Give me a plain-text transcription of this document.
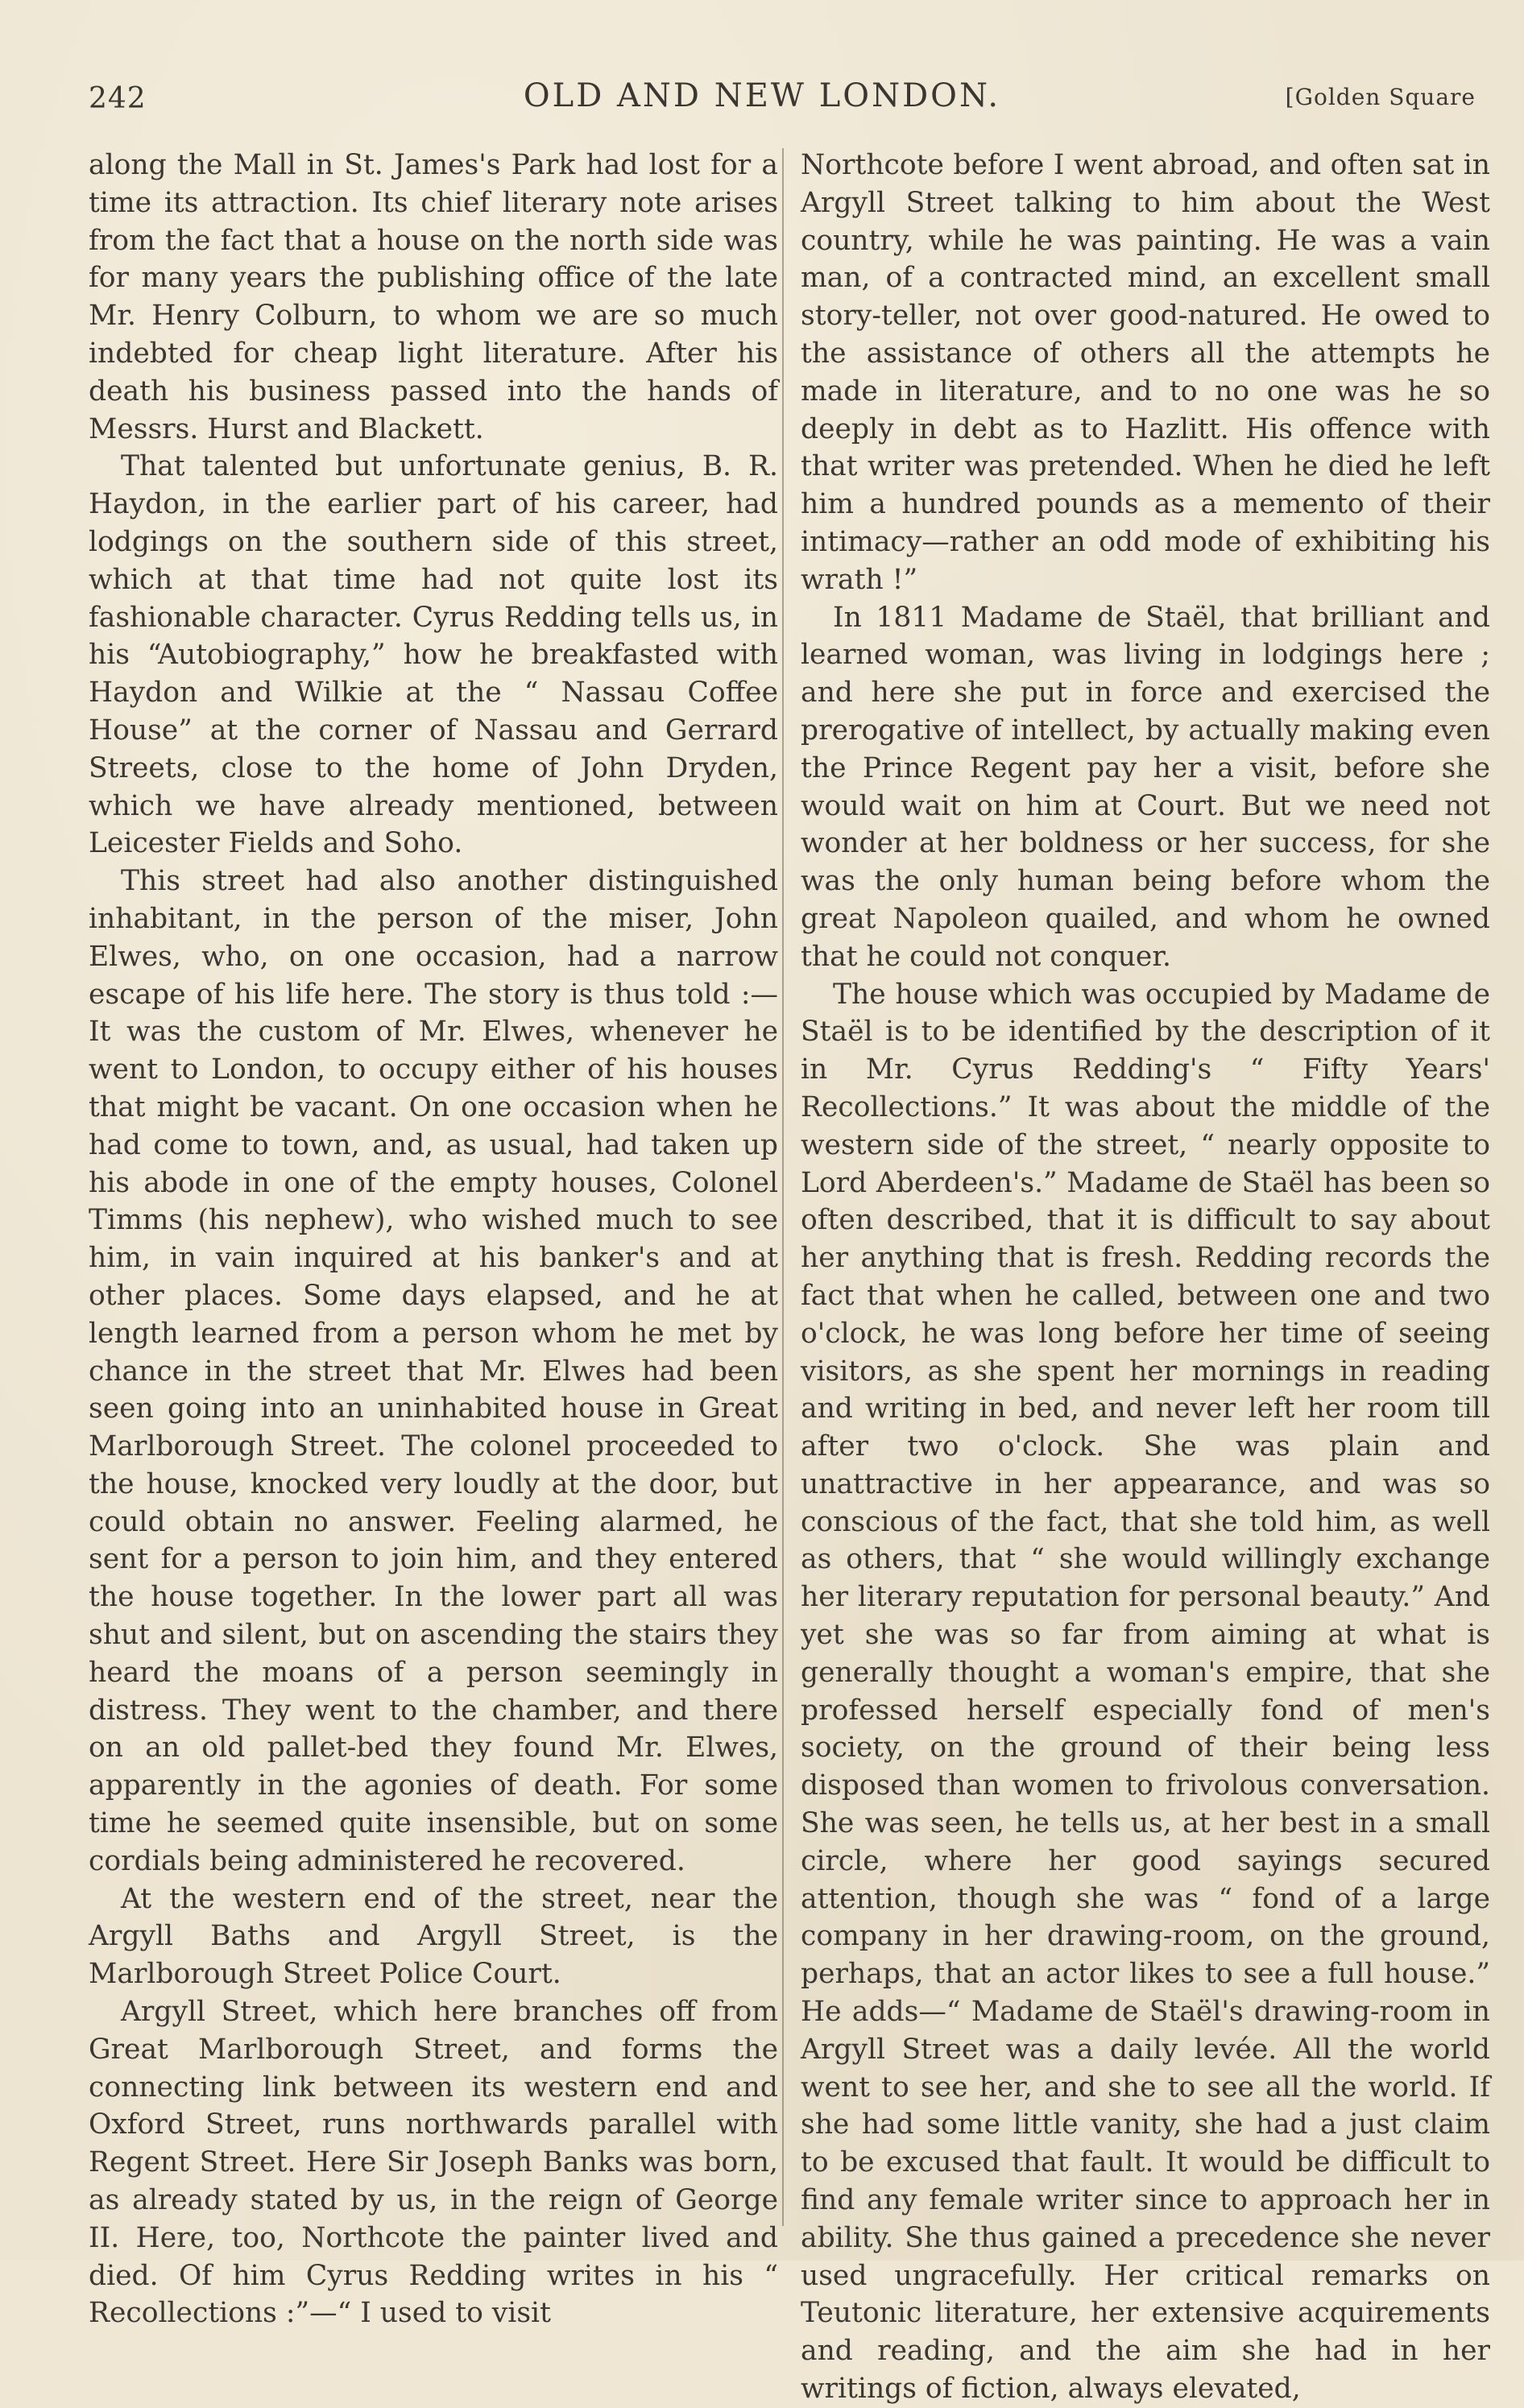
242	OLD AND NEW LONDON.	[Golden Square

along the Mall in St. James's Park had lost for a time its attraction. Its chief literary note arises from the fact that a house on the north side was for many years the publishing office of the late Mr. Henry Colburn, to whom we are so much indebted for cheap light literature. After his death his business passed into the hands of Messrs. Hurst and Blackett.

That talented but unfortunate genius, B. R. Haydon, in the earlier part of his career, had lodgings on the southern side of this street, which at that time had not quite lost its fashionable character. Cyrus Redding tells us, in his “Autobiography,” how he breakfasted with Haydon and Wilkie at the “ Nassau Coffee House” at the corner of Nassau and Gerrard Streets, close to the home of John Dryden, which we have already mentioned, between Leicester Fields and Soho.

This street had also another distinguished inhabitant, in the person of the miser, John Elwes, who, on one occasion, had a narrow escape of his life here. The story is thus told :—It was the custom of Mr. Elwes, whenever he went to London, to occupy either of his houses that might be vacant. On one occasion when he had come to town, and, as usual, had taken up his abode in one of the empty houses, Colonel Timms (his nephew), who wished much to see him, in vain inquired at his banker's and at other places. Some days elapsed, and he at length learned from a person whom he met by chance in the street that Mr. Elwes had been seen going into an uninhabited house in Great Marlborough Street. The colonel proceeded to the house, knocked very loudly at the door, but could obtain no answer. Feeling alarmed, he sent for a person to join him, and they entered the house together. In the lower part all was shut and silent, but on ascending the stairs they heard the moans of a person seemingly in distress. They went to the chamber, and there on an old pallet-bed they found Mr. Elwes, apparently in the agonies of death. For some time he seemed quite insensible, but on some cordials being administered he recovered.

At the western end of the street, near the Argyll Baths and Argyll Street, is the Marlborough Street Police Court.

Argyll Street, which here branches off from Great Marlborough Street, and forms the connecting link between its western end and Oxford Street, runs northwards parallel with Regent Street. Here Sir Joseph Banks was born, as already stated by us, in the reign of George II. Here, too, Northcote the painter lived and died. Of him Cyrus Redding writes in his “ Recollections :”—“ I used to visit

Northcote before I went abroad, and often sat in Argyll Street talking to him about the West country, while he was painting. He was a vain man, of a contracted mind, an excellent small story-teller, not over good-natured. He owed to the assistance of others all the attempts he made in literature, and to no one was he so deeply in debt as to Hazlitt. His offence with that writer was pretended. When he died he left him a hundred pounds as a memento of their intimacy—rather an odd mode of exhibiting his wrath !”

In 1811 Madame de Staël, that brilliant and learned woman, was living in lodgings here ; and here she put in force and exercised the prerogative of intellect, by actually making even the Prince Regent pay her a visit, before she would wait on him at Court. But we need not wonder at her boldness or her success, for she was the only human being before whom the great Napoleon quailed, and whom he owned that he could not conquer.

The house which was occupied by Madame de Staël is to be identified by the description of it in Mr. Cyrus Redding's “ Fifty Years' Recollections.” It was about the middle of the western side of the street, “ nearly opposite to Lord Aberdeen's.” Madame de Staël has been so often described, that it is difficult to say about her anything that is fresh. Redding records the fact that when he called, between one and two o'clock, he was long before her time of seeing visitors, as she spent her mornings in reading and writing in bed, and never left her room till after two o'clock. She was plain and unattractive in her appearance, and was so conscious of the fact, that she told him, as well as others, that “ she would willingly exchange her literary reputation for personal beauty.” And yet she was so far from aiming at what is generally thought a woman's empire, that she professed herself especially fond of men's society, on the ground of their being less disposed than women to frivolous conversation. She was seen, he tells us, at her best in a small circle, where her good sayings secured attention, though she was “ fond of a large company in her drawing-room, on the ground, perhaps, that an actor likes to see a full house.” He adds—“ Madame de Staël's drawing-room in Argyll Street was a daily levée. All the world went to see her, and she to see all the world. If she had some little vanity, she had a just claim to be excused that fault. It would be difficult to find any female writer since to approach her in ability. She thus gained a precedence she never used ungracefully. Her critical remarks on Teutonic literature, her extensive acquirements and reading, and the aim she had in her writings of fiction, always elevated,
